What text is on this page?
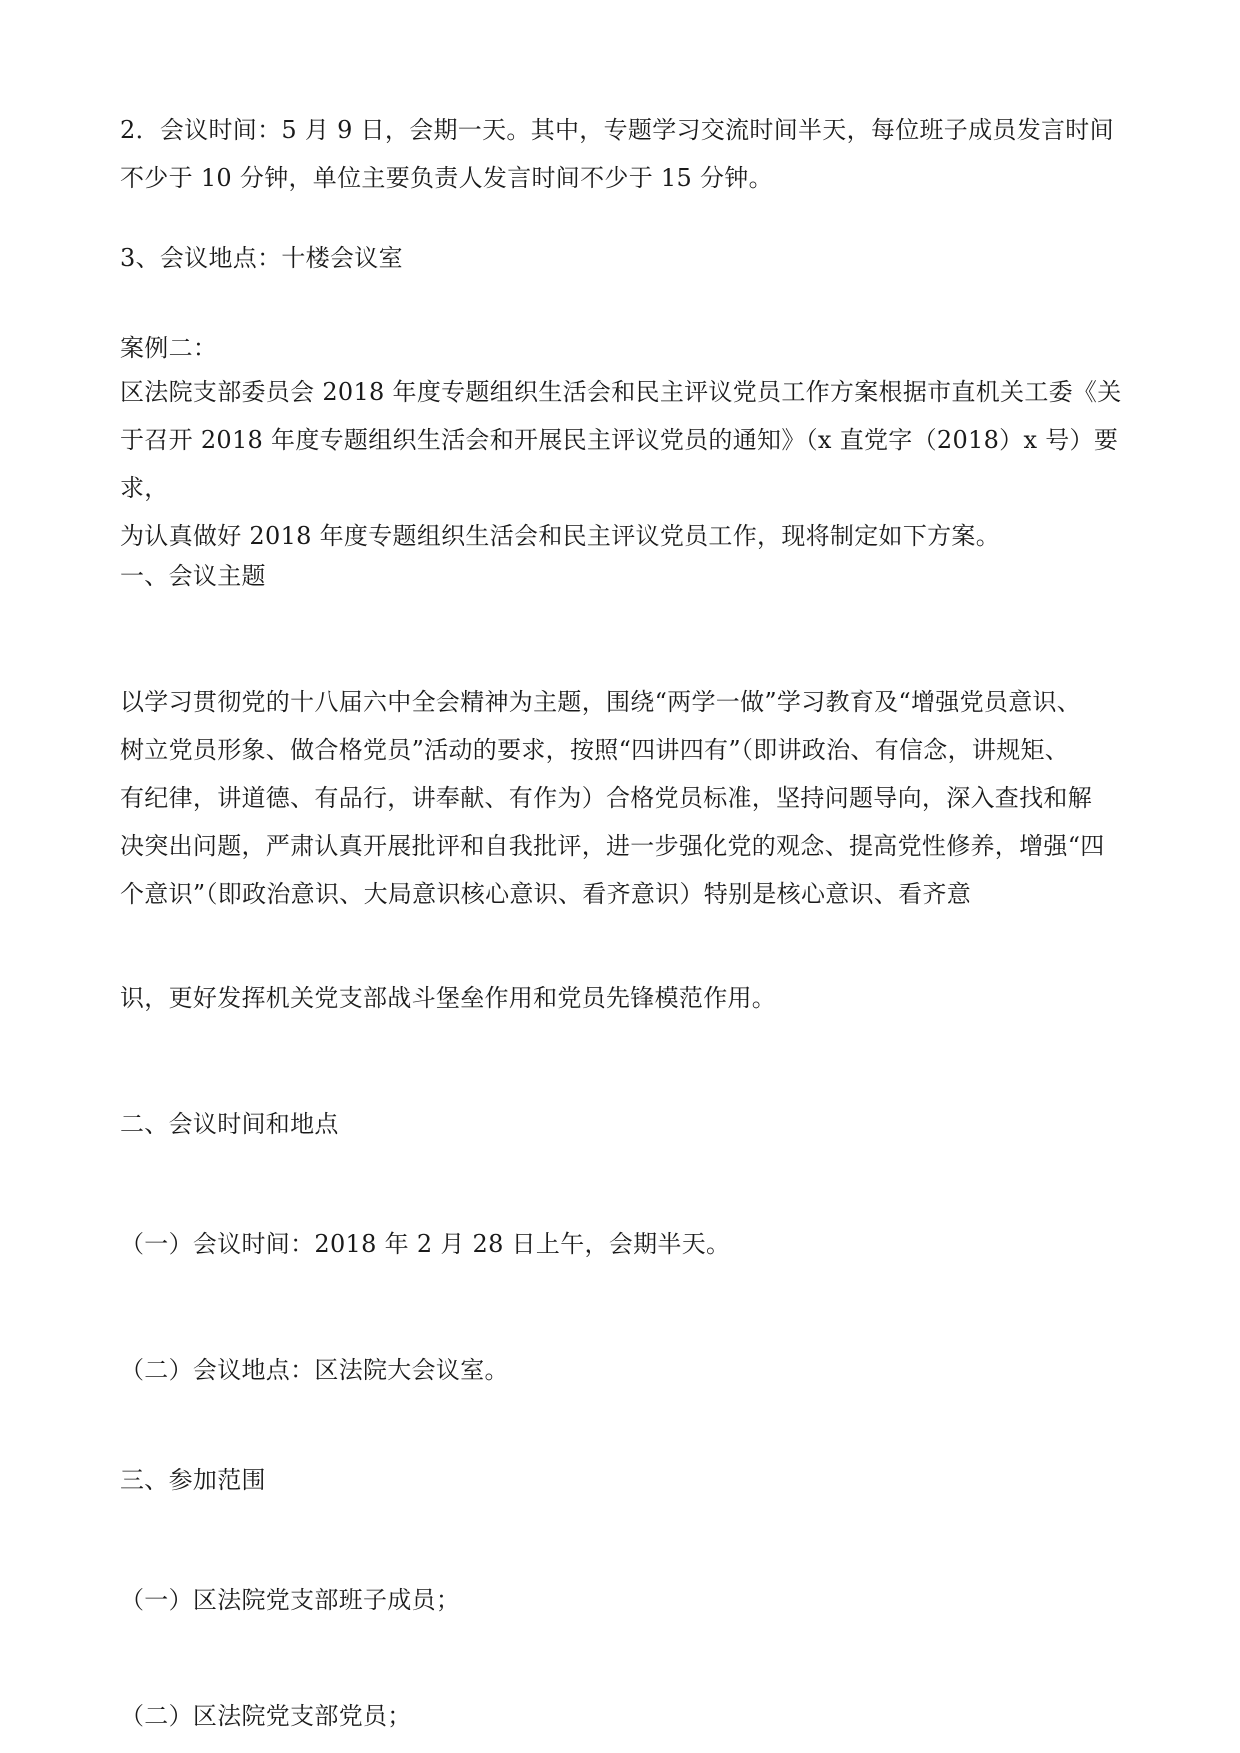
2．会议时间：5 月 9 日，会期一天。其中，专题学习交流时间半天，每位班子成员发言时间
不少于 10 分钟，单位主要负责人发言时间不少于 15 分钟。

3、会议地点：十楼会议室

案例二：

区法院支部委员会 2018 年度专题组织生活会和民主评议党员工作方案根据市直机关工委《关
于召开 2018 年度专题组织生活会和开展民主评议党员的通知》（x 直党字（2018）x 号）要求，
为认真做好 2018 年度专题组织生活会和民主评议党员工作，现将制定如下方案。

一、会议主题

以学习贯彻党的十八届六中全会精神为主题，围绕“两学一做”学习教育及“增强党员意识、
树立党员形象、做合格党员”活动的要求，按照“四讲四有”（即讲政治、有信念，讲规矩、
有纪律，讲道德、有品行，讲奉献、有作为）合格党员标准，坚持问题导向，深入查找和解
决突出问题，严肃认真开展批评和自我批评，进一步强化党的观念、提高党性修养，增强“四
个意识”（即政治意识、大局意识核心意识、看齐意识）特别是核心意识、看齐意

识，更好发挥机关党支部战斗堡垒作用和党员先锋模范作用。

二、会议时间和地点

（一）会议时间：2018 年 2 月 28 日上午，会期半天。

（二）会议地点：区法院大会议室。

三、参加范围

（一）区法院党支部班子成员；

（二）区法院党支部党员；
